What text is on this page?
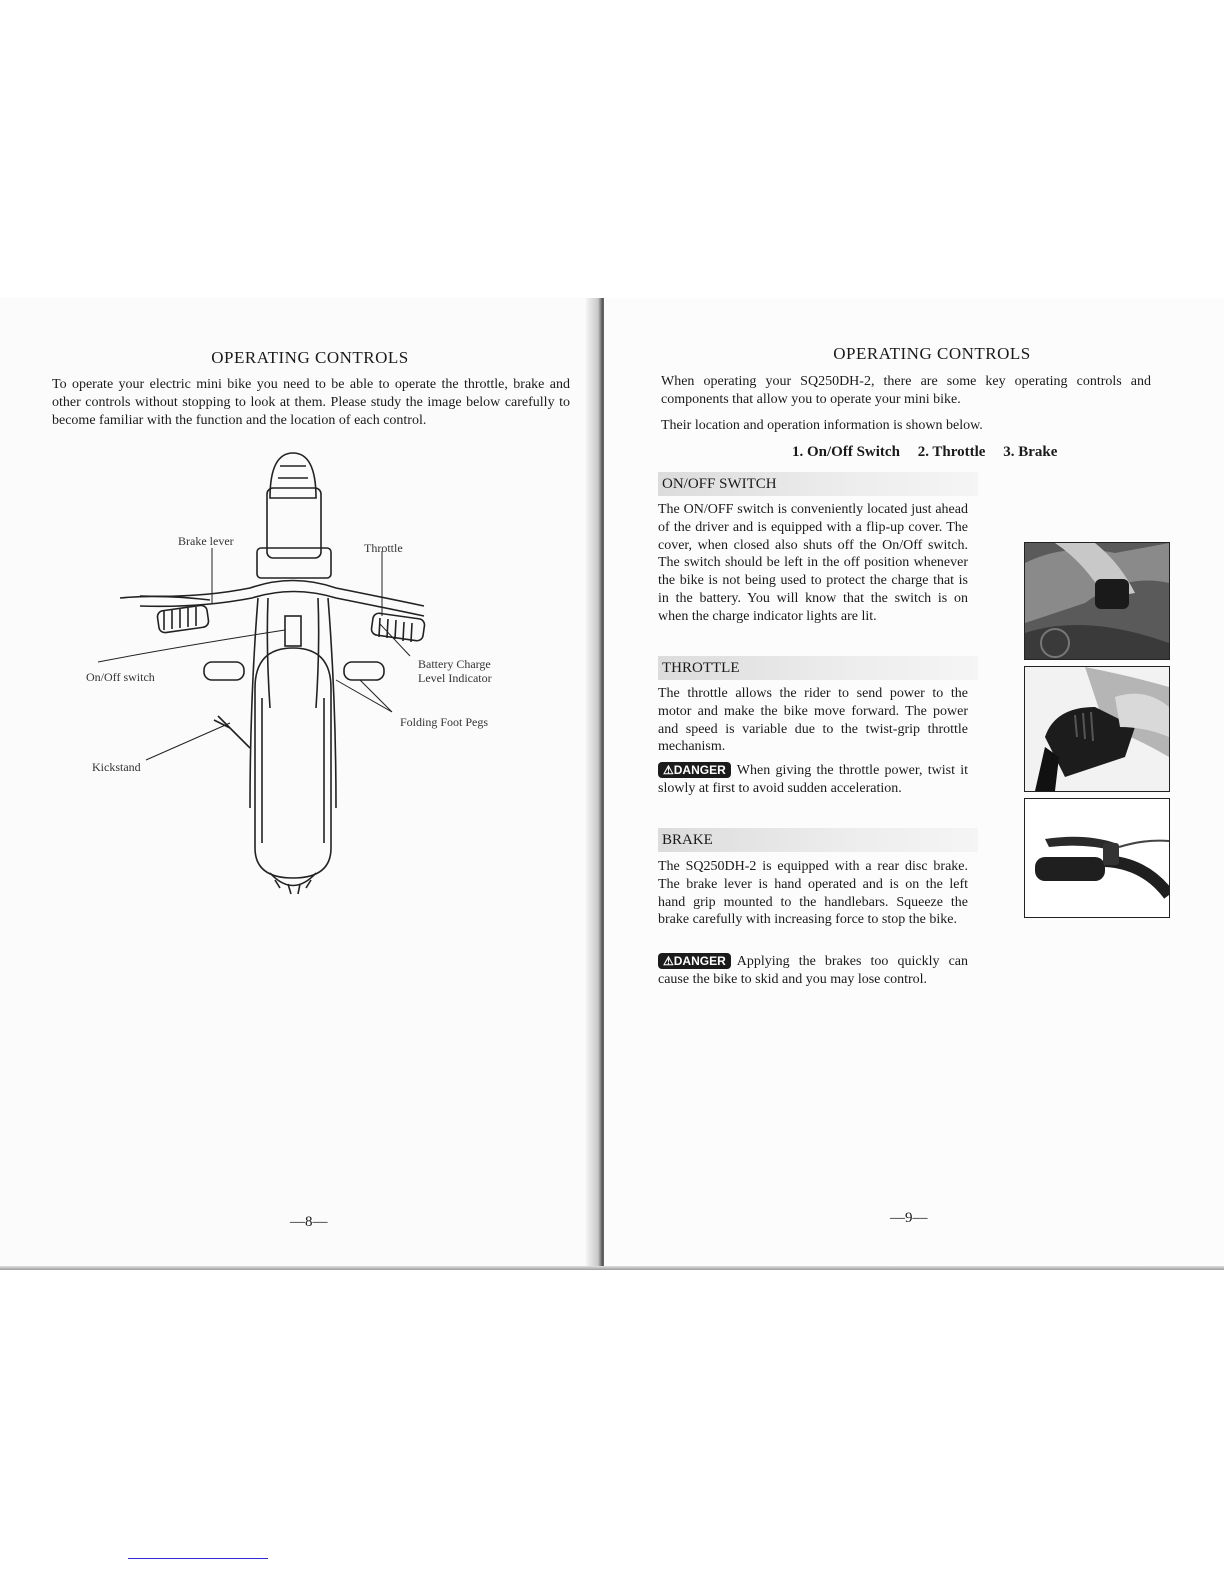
OPERATING CONTROLS

To operate your electric mini bike you need to be able to operate the throttle, brake and other controls without stopping to look at them. Please study the image below carefully to become familiar with the function and the location of each control.

Brake lever	Throttle
On/Off switch
Battery Charge
Level Indicator
Folding Foot Pegs
Kickstand
—8—
OPERATING CONTROLS

When operating your SQ250DH-2, there are some key operating controls and components that allow you to operate your mini bike.

Their location and operation information is shown below.

1. On/Off Switch 2. Throttle 3. Brake
ON/OFF SWITCH

The ON/OFF switch is conveniently located just ahead of the driver and is equipped with a flip-up cover. The cover, when closed also shuts off the On/Off switch. The switch should be left in the off position whenever the bike is not being used to protect the charge that is in the battery. You will know that the switch is on when the charge indicator lights are lit.

THROTTLE

The throttle allows the rider to send power to the motor and make the bike move forward. The power and speed is variable due to the twist-grip throttle mechanism.

⚠DANGER When giving the throttle power, twist it slowly at first to avoid sudden acceleration.

BRAKE

The SQ250DH-2 is equipped with a rear disc brake. The brake lever is hand operated and is on the left hand grip mounted to the handlebars. Squeeze the brake carefully with increasing force to stop the bike.

⚠DANGER Applying the brakes too quickly can cause the bike to skid and you may lose control.

—9—
